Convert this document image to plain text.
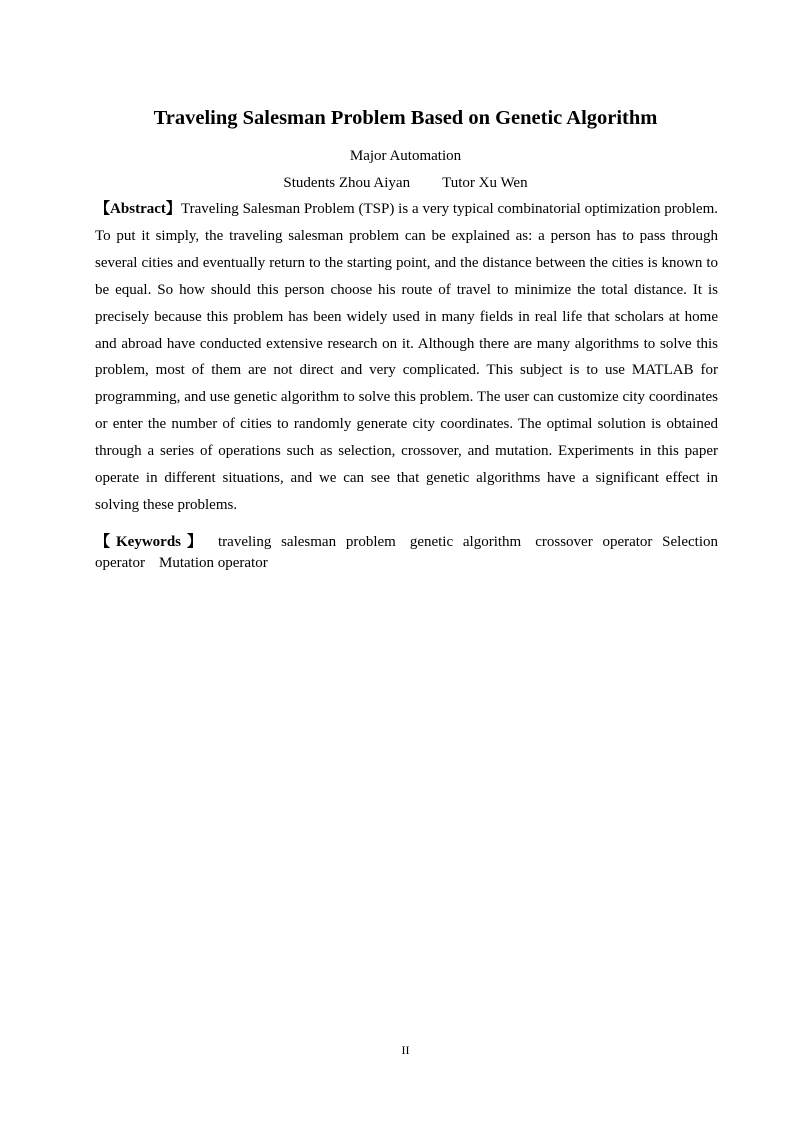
Traveling Salesman Problem Based on Genetic Algorithm
Major Automation
Students Zhou Aiyan Tutor Xu Wen

【Abstract】Traveling Salesman Problem (TSP) is a very typical combinatorial optimization problem. To put it simply, the traveling salesman problem can be explained as: a person has to pass through several cities and eventually return to the starting point, and the distance between the cities is known to be equal. So how should this person choose his route of travel to minimize the total distance. It is precisely because this problem has been widely used in many fields in real life that scholars at home and abroad have conducted extensive research on it. Although there are many algorithms to solve this problem, most of them are not direct and very complicated. This subject is to use MATLAB for programming, and use genetic algorithm to solve this problem. The user can customize city coordinates or enter the number of cities to randomly generate city coordinates. The optimal solution is obtained through a series of operations such as selection, crossover, and mutation. Experiments in this paper operate in different situations, and we can see that genetic algorithms have a significant effect in solving these problems.

【Keywords】 traveling salesman problem genetic algorithm crossover operator Selection operator Mutation operator

II
